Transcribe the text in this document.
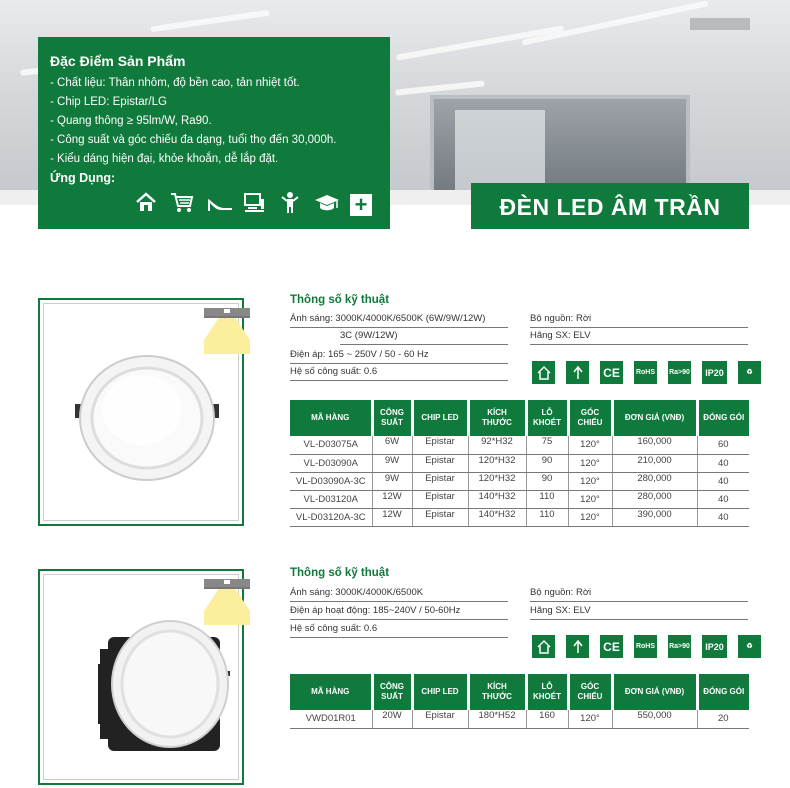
Đặc Điểm Sản Phẩm
- Chất liệu: Thân nhôm, độ bền cao, tản nhiệt tốt.
- Chip LED: Epistar/LG
- Quang thông ≥ 95lm/W, Ra90.
- Công suất và góc chiếu đa dạng, tuổi thọ đến 30,000h.
- Kiểu dáng hiện đại, khỏe khoắn, dễ lắp đặt.
Ứng Dụng:
+	ĐÈN LED ÂM TRẦN
Thông số kỹ thuật
Ánh sáng: 3000K/4000K/6500K (6W/9W/12W)
3C (9W/12W)
Điện áp: 165 ~ 250V / 50 - 60 Hz
Hệ số công suất: 0.6
Bộ nguồn: Rời
Hãng SX: ELV
CE	RoHS Ra>90	IP20	♻
MÃ HÀNG	CÔNG SUẤT	CHIP LED	KÍCH THƯỚC	LỖ KHOÉT	GÓC CHIẾU	ĐƠN GIÁ (VNĐ)	ĐÓNG GÓI
VL-D03075A	6W	Epistar	92*H32	75	120°	160,000	60
VL-D03090A	9W	Epistar	120*H32	90	120°	210,000	40
VL-D03090A-3C	9W	Epistar	120*H32	90	120°	280,000	40
VL-D03120A	12W	Epistar	140*H32	110	120°	280,000	40
VL-D03120A-3C	12W	Epistar	140*H32	110	120°	390,000	40
Thông số kỹ thuật
Ánh sáng: 3000K/4000K/6500K
Điện áp hoạt động: 185~240V / 50-60Hz
Hệ số công suất: 0.6
Bộ nguồn: Rời
Hãng SX: ELV
CE	RoHS Ra>90	IP20	♻
MÃ HÀNG	CÔNG SUẤT	CHIP LED	KÍCH THƯỚC	LỖ KHOÉT	GÓC CHIẾU	ĐƠN GIÁ (VNĐ)	ĐÓNG GÓI
VWD01R01	20W	Epistar	180*H52	160	120°	550,000	20
